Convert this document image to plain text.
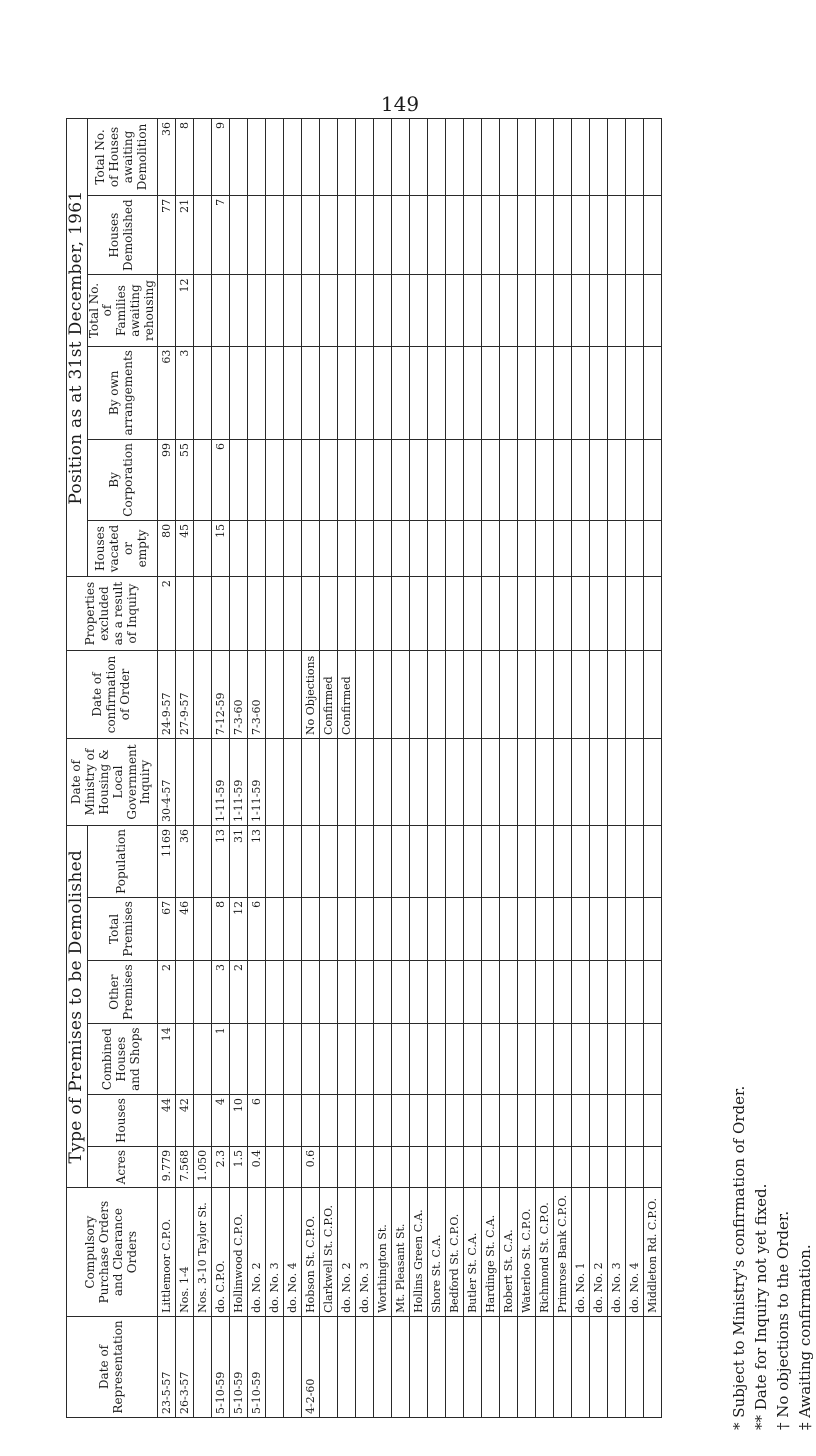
149
Date of Representation	Compulsory Purchase Orders and Clearance Orders	Type of Premises to be Demolished						Date of Ministry of Housing & Local Government Inquiry	Date of confirmation of Order	Properties excluded as a result of Inquiry	Position as at 31st December, 1961					
		Acres	Houses	Combined Houses and Shops	Other Premises	Total Premises	Population				Houses vacated or empty	By Corporation	By own arrangements	Total No. of Families awaiting rehousing	Houses Demolished	Total No. of Houses awaiting Demolition
23-5-57	Littlemoor C.P.O.	9.779	44	14	2	67	1169	30-4-57	24-9-57	2	80	99	63		77	36
26-3-57	Nos. 1-4	7.568	42			46	36		27-9-57		45	55	3	12	21	8
	Nos. 3-10 Taylor St.	1.050														
5-10-59	do. C.P.O.	2.3	4	1	3	8	13	1-11-59	7-12-59		15	6			7	9
5-10-59	Hollinwood C.P.O.	1.5	10		2	12	31	1-11-59	7-3-60							
5-10-59	do. No. 2	0.4	6			6	13	1-11-59	7-3-60							
	do. No. 3															
	do. No. 4															
4-2-60	Hobson St. C.P.O.	0.6							No Objections							
	Clarkwell St. C.P.O.								Confirmed							
	do. No. 2								Confirmed							
	do. No. 3															
	Worthington St.															
	Mt. Pleasant St.															
	Hollins Green C.A.															
	Shore St. C.A.															
	Bedford St. C.P.O.															
	Butler St. C.A.															
	Hardinge St. C.A.															
	Robert St. C.A.															
	Waterloo St. C.P.O.															
	Richmond St. C.P.O.															
	Primrose Bank C.P.O.															
	do. No. 1															
	do. No. 2															
	do. No. 3															
	do. No. 4															
	Middleton Rd. C.P.O.																* Subject to Ministry's confirmation of Order. ** Date for Inquiry not yet fixed. † No objections to the Order. ‡ Awaiting confirmation.
